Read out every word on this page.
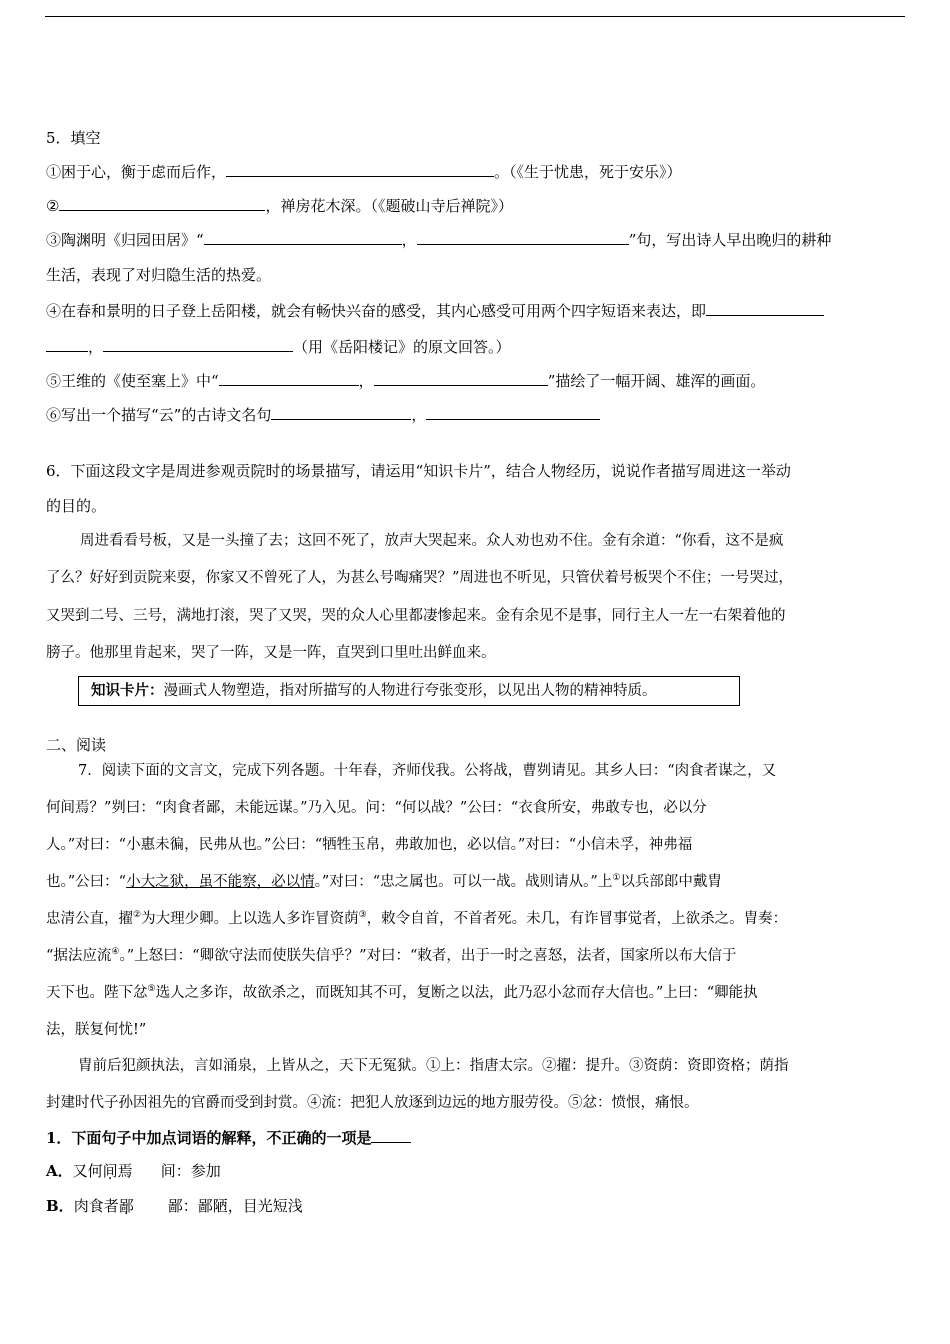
5．填空
①困于心，衡于虑而后作，	。（《生于忧患，死于安乐》）
②	，禅房花木深。（《题破山寺后禅院》）
③陶渊明《归园田居》“	，	”句，写出诗人早出晚归的耕种
生活，表现了对归隐生活的热爱。
④在春和景明的日子登上岳阳楼，就会有畅快兴奋的感受，其内心感受可用两个四字短语来表达，即
，	（用《岳阳楼记》的原文回答。）
⑤王维的《使至塞上》中“	，	”描绘了一幅开阔、雄浑的画面。
⑥写出一个描写“云”的古诗文名句	，
6．下面这段文字是周进参观贡院时的场景描写，请运用“知识卡片”，结合人物经历，说说作者描写周进这一举动
的目的。
周进看看号板，又是一头撞了去；这回不死了，放声大哭起来。众人劝也劝不住。金有余道：“你看，这不是疯
了么？好好到贡院来耍，你家又不曾死了人，为甚么号啕痛哭？”周进也不听见，只管伏着号板哭个不住；一号哭过，
又哭到二号、三号，满地打滚，哭了又哭，哭的众人心里都凄惨起来。金有余见不是事，同行主人一左一右架着他的
膀子。他那里肯起来，哭了一阵，又是一阵，直哭到口里吐出鲜血来。
知识卡片：漫画式人物塑造，指对所描写的人物进行夸张变形，以见出人物的精神特质。
二、阅读
7．阅读下面的文言文，完成下列各题。十年春，齐师伐我。公将战，曹刿请见。其乡人曰：“肉食者谋之，又
何间焉？”刿曰：“肉食者鄙，未能远谋。”乃入见。问：“何以战？”公曰：“衣食所安，弗敢专也，必以分
人。”对曰：“小惠未徧，民弗从也。”公曰：“牺牲玉帛，弗敢加也，必以信。”对曰：“小信未孚，神弗福
也。”公曰：“小大之狱，虽不能察，必以情。”对曰：“忠之属也。可以一战。战则请从。”上①以兵部郎中戴胄
忠清公直，擢②为大理少卿。上以选人多诈冒资荫③，敕令自首，不首者死。未几，有诈冒事觉者，上欲杀之。胄奏：
“据法应流④。”上怒曰：“卿欲守法而使朕失信乎？”对曰：“敕者，出于一时之喜怒，法者，国家所以布大信于
天下也。陛下忿⑤选人之多诈，故欲杀之，而既知其不可，复断之以法，此乃忍小忿而存大信也。”上曰：“卿能执
法，朕复何忧!”
胄前后犯颜执法，言如涌泉，上皆从之，天下无冤狱。①上：指唐太宗。②擢：提升。③资荫：资即资格；荫指
封建时代子孙因祖先的官爵而受到封赏。④流：把犯人放逐到边远的地方服劳役。⑤忿：愤恨，痛恨。
1．下面句子中加点词语的解释，不正确的一项是
A．又何间焉 间：参加
B．肉食者鄙 鄙：鄙陋，目光短浅
